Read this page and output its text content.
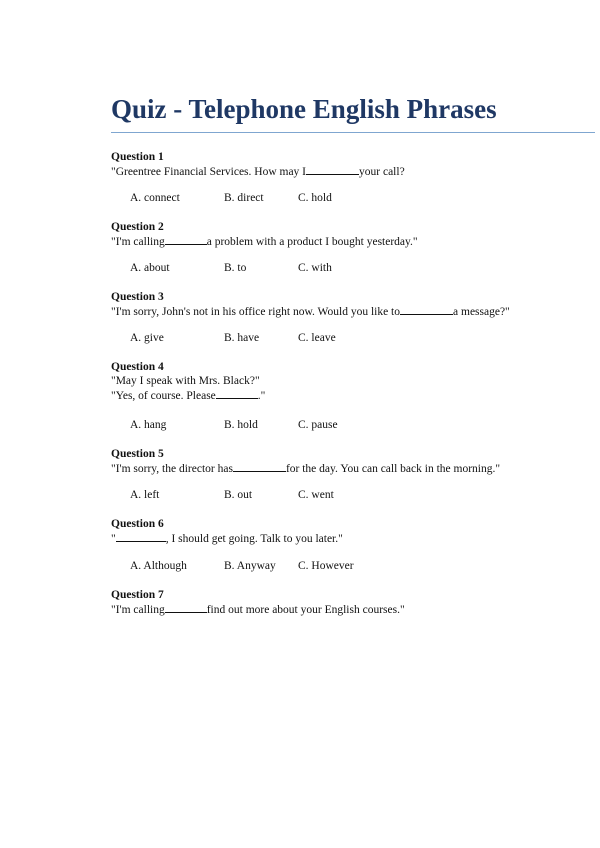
Quiz - Telephone English Phrases

Question 1

"Greentree Financial Services. How may I	your call?

A. connect	B. direct	C. hold

Question 2

"I'm calling	a problem with a product I bought yesterday."

A. about	B. to	C. with

Question 3

"I'm sorry, John's not in his office right now. Would you like to	a message?"

A. give	B. have	C. leave

Question 4

"May I speak with Mrs. Black?"

"Yes, of course. Please	."

A. hang	B. hold	C. pause

Question 5

"I'm sorry, the director has	for the day. You can call back in the morning."

A. left	B. out	C. went

Question 6

"	, I should get going. Talk to you later."

A. Although	B. Anyway C. However

Question 7

"I'm calling	find out more about your English courses."
